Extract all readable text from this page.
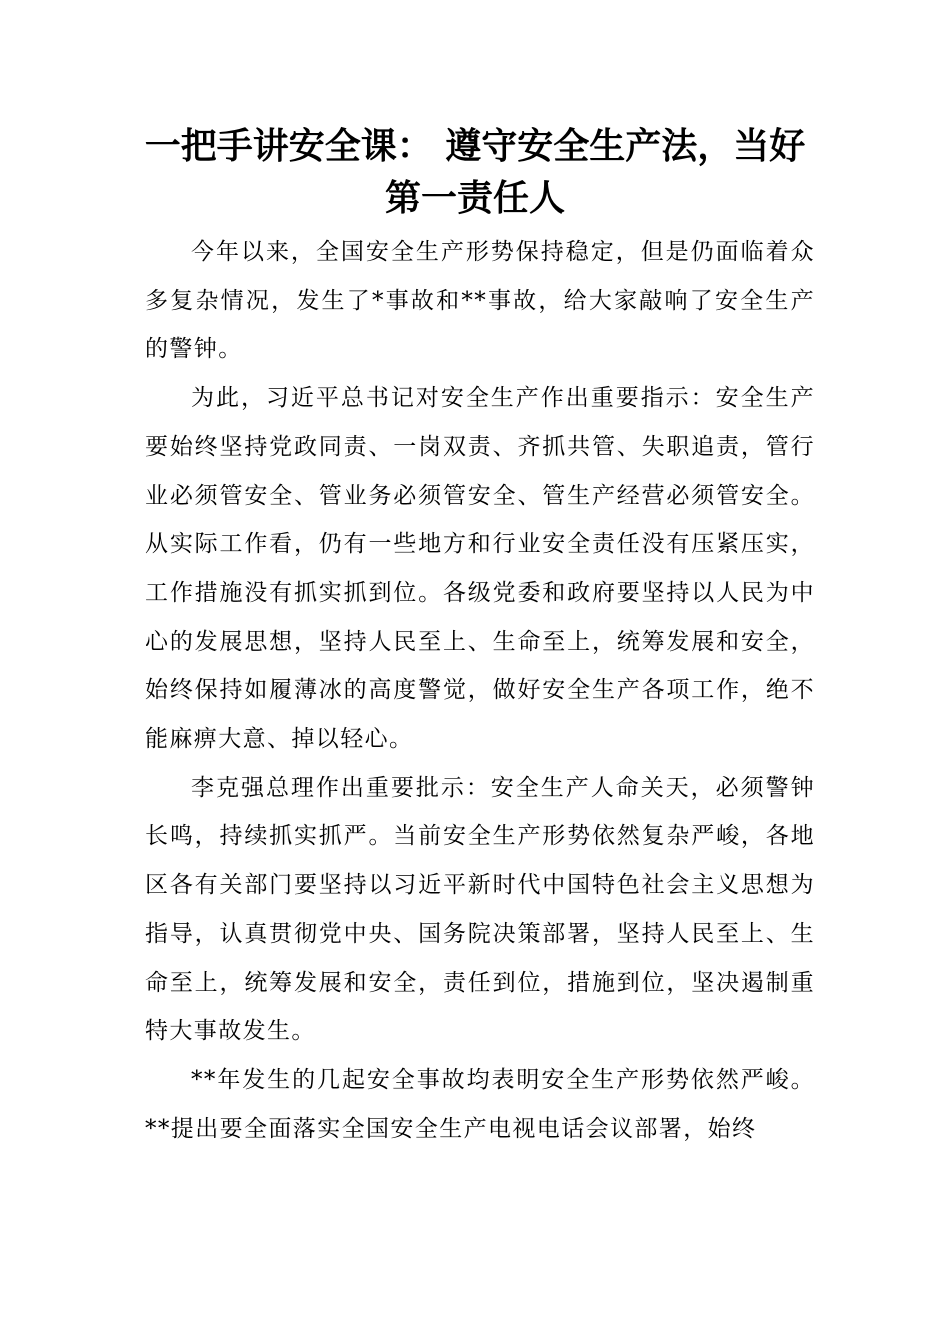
一把手讲安全课： 遵守安全生产法，当好
第一责任人

今年以来，全国安全生产形势保持稳定，但是仍面临着众多复杂情况，发生了*事故和**事故，给大家敲响了安全生产的警钟。

为此，习近平总书记对安全生产作出重要指示：安全生产要始终坚持党政同责、一岗双责、齐抓共管、失职追责，管行业必须管安全、管业务必须管安全、管生产经营必须管安全。从实际工作看，仍有一些地方和行业安全责任没有压紧压实，工作措施没有抓实抓到位。各级党委和政府要坚持以人民为中心的发展思想，坚持人民至上、生命至上，统筹发展和安全，始终保持如履薄冰的高度警觉，做好安全生产各项工作，绝不能麻痹大意、掉以轻心。

李克强总理作出重要批示：安全生产人命关天，必须警钟长鸣，持续抓实抓严。当前安全生产形势依然复杂严峻，各地区各有关部门要坚持以习近平新时代中国特色社会主义思想为指导，认真贯彻党中央、国务院决策部署，坚持人民至上、生命至上，统筹发展和安全，责任到位，措施到位，坚决遏制重特大事故发生。

**年发生的几起安全事故均表明安全生产形势依然严峻。**提出要全面落实全国安全生产电视电话会议部署，始终
